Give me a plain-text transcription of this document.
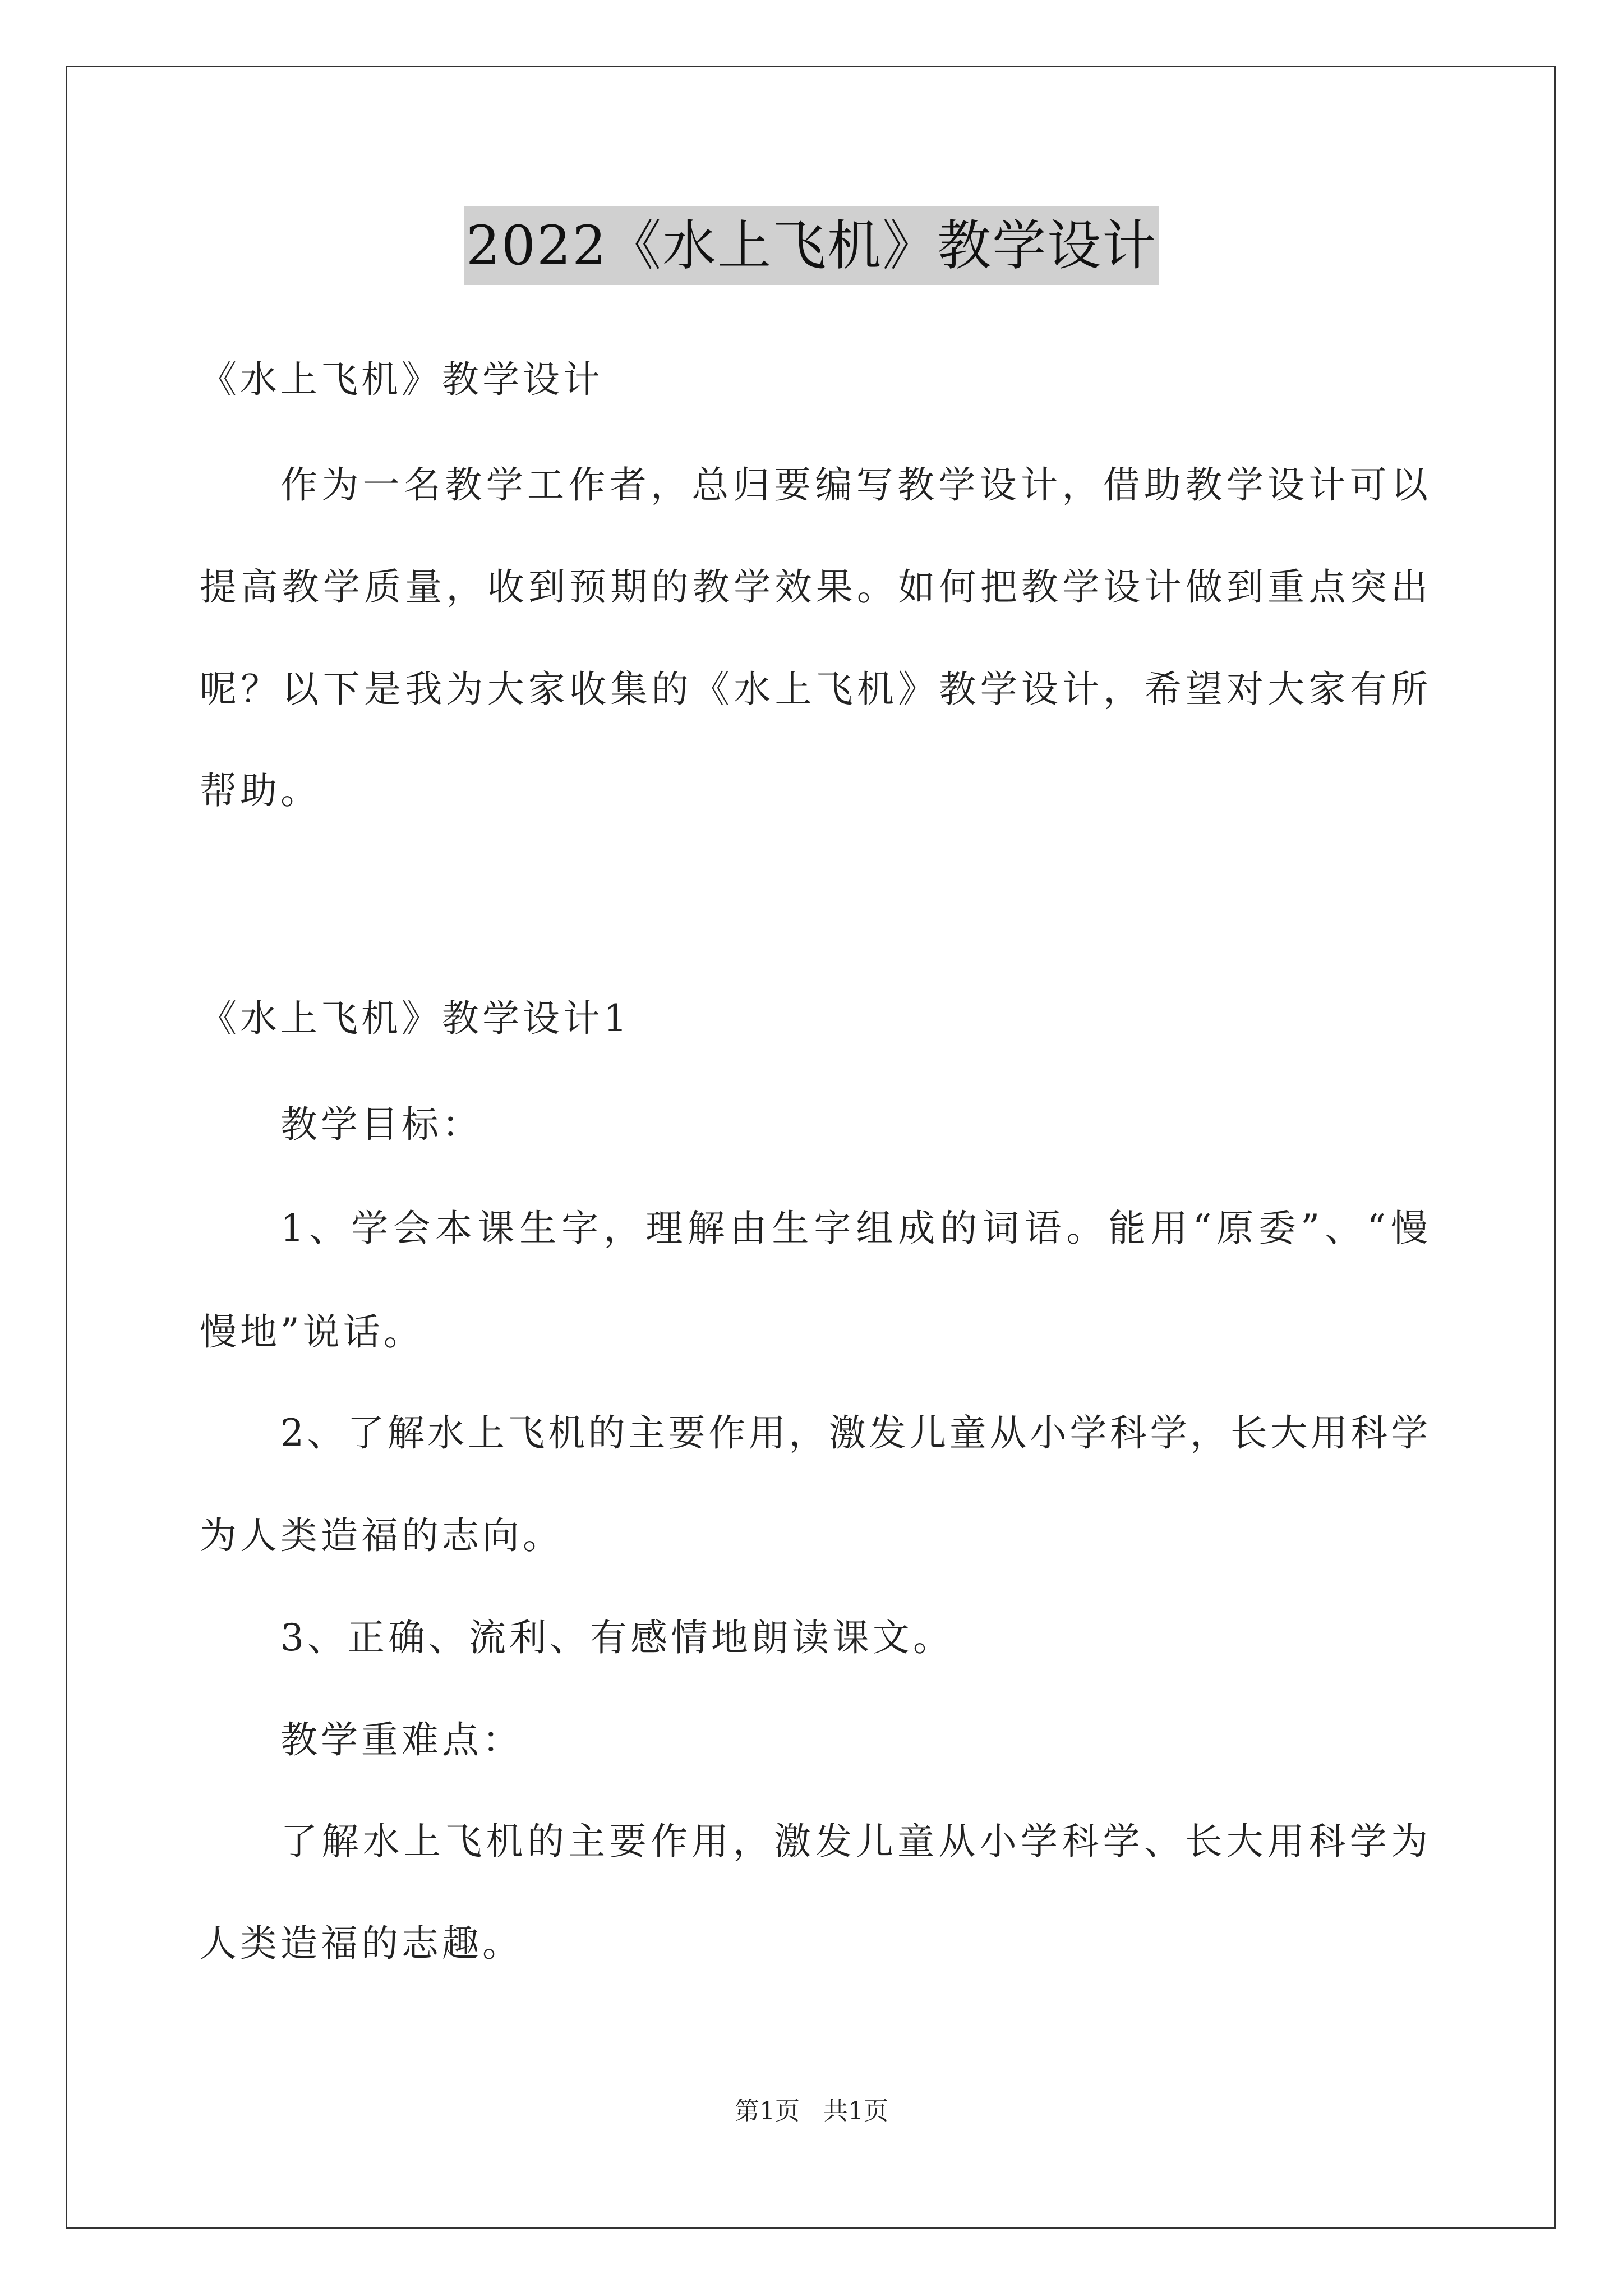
2022《水上飞机》教学设计
《水上飞机》教学设计
作为一名教学工作者，总归要编写教学设计，借助教学设计可以
提高教学质量，收到预期的教学效果。如何把教学设计做到重点突出
呢？以下是我为大家收集的《水上飞机》教学设计，希望对大家有所
帮助。
《水上飞机》教学设计1
教学目标：
1、学会本课生字，理解由生字组成的词语。能用“原委”、“慢
慢地”说话。
2、了解水上飞机的主要作用，激发儿童从小学科学，长大用科学
为人类造福的志向。
3、正确、流利、有感情地朗读课文。
教学重难点：
了解水上飞机的主要作用，激发儿童从小学科学、长大用科学为
人类造福的志趣。
第1页   共1页
